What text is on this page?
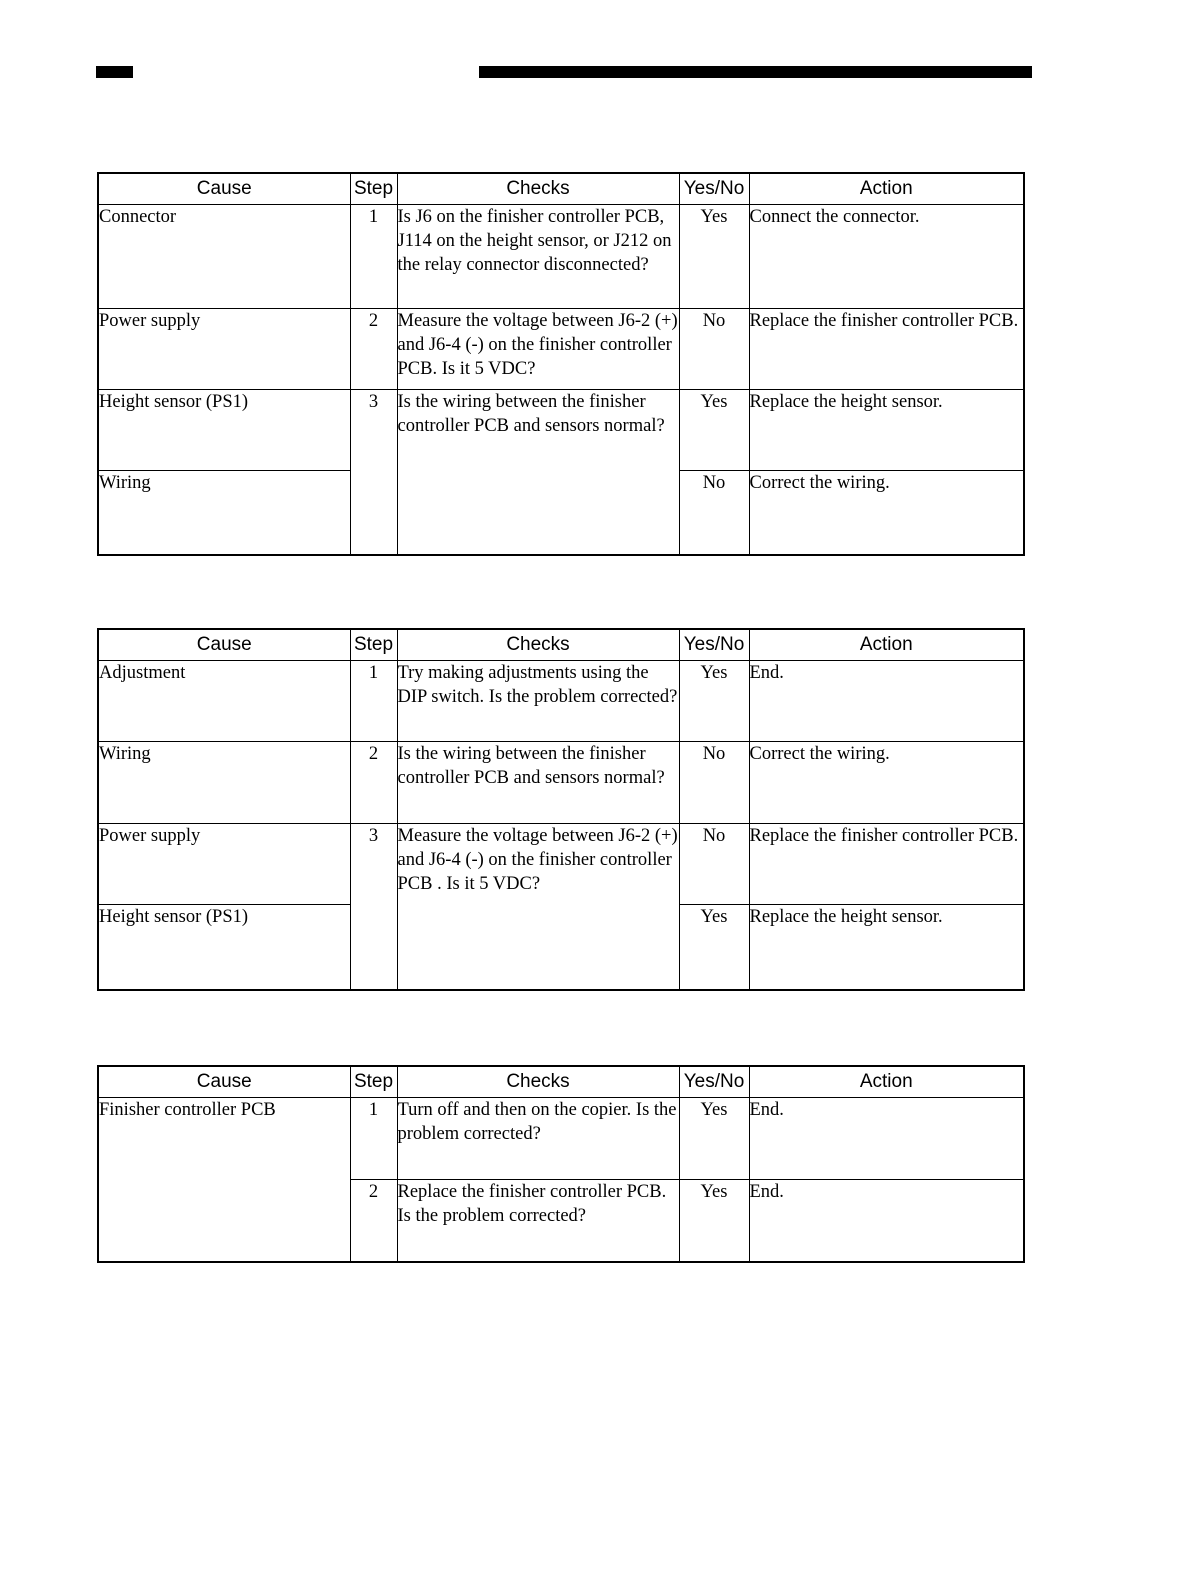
Cause	Step	Checks	Yes/No	Action
Connector	1	Is J6 on the finisher controller PCB, J114 on the height sensor, or J212 on the relay connector disconnected?	Yes	Connect the connector.
Power supply	2	Measure the voltage between J6-2 (+) and J6-4 (-) on the finisher controller PCB. Is it 5 VDC?	No	Replace the finisher controller PCB.
Height sensor (PS1)	3	Is the wiring between the finisher controller PCB and sensors normal?	Yes	Replace the height sensor.
Wiring			No	Correct the wiring.
Cause	Step	Checks	Yes/No	Action
Adjustment	1	Try making adjustments using the DIP switch. Is the problem corrected?	Yes	End.
Wiring	2	Is the wiring between the finisher controller PCB and sensors normal?	No	Correct the wiring.
Power supply	3	Measure the voltage between J6-2 (+) and J6-4 (-) on the finisher controller PCB . Is it 5 VDC?	No	Replace the finisher controller PCB.
Height sensor (PS1)			Yes	Replace the height sensor.
Cause	Step	Checks	Yes/No	Action
Finisher controller PCB	1	Turn off and then on the copier. Is the problem corrected?	Yes	End.
	2	Replace the finisher controller PCB. Is the problem corrected?	Yes	End.
